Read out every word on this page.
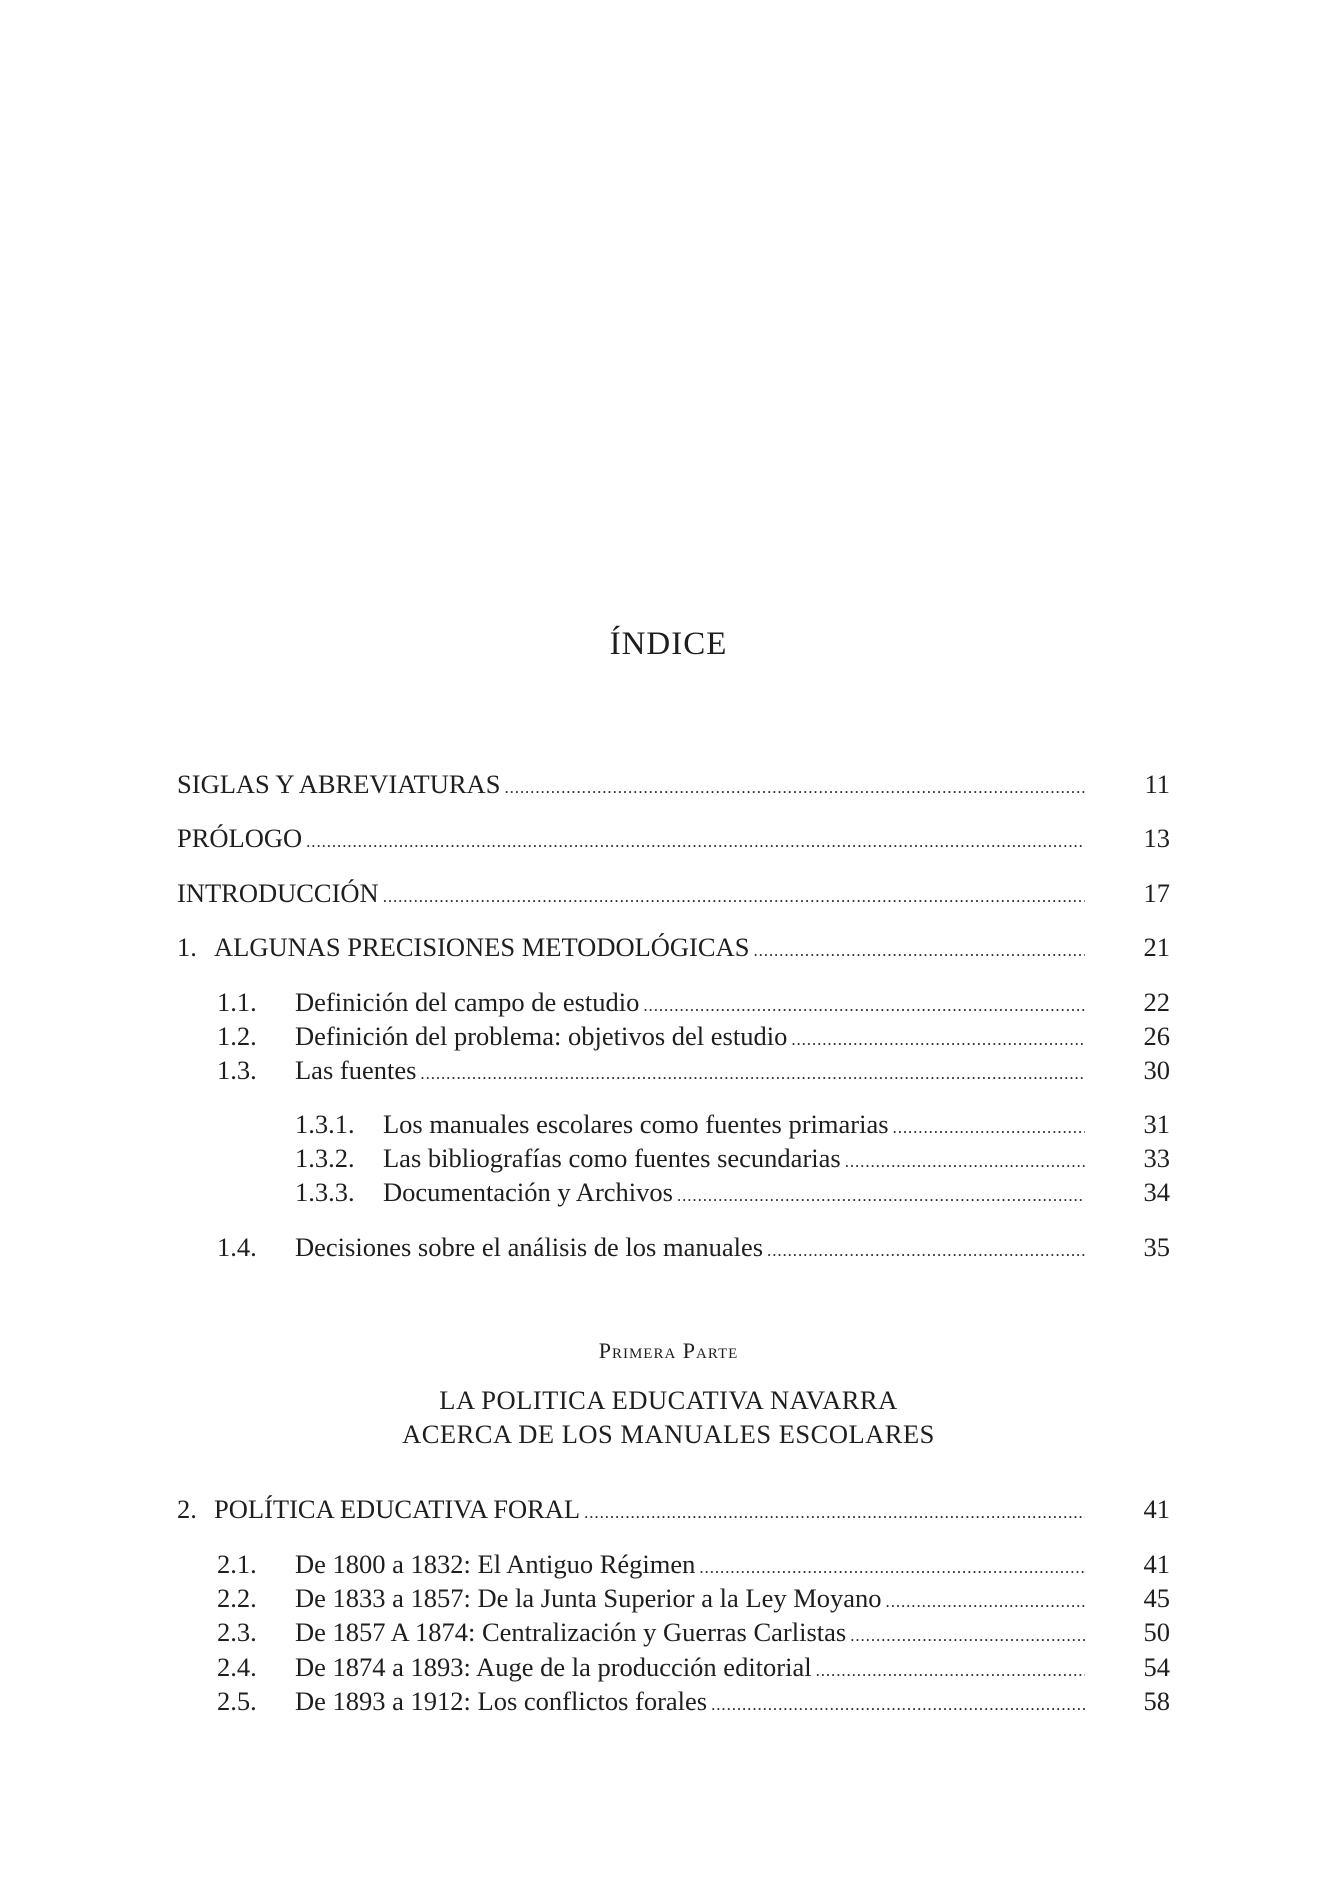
ÍNDICE
SIGLAS Y ABREVIATURAS .....	11
PRÓLOGO .....	13
INTRODUCCIÓN .....	17
1. ALGUNAS PRECISIONES METODOLÓGICAS .....	21
1.1.	Definición del campo de estudio .....	22
1.2.	Definición del problema: objetivos del estudio .....	26
1.3.	Las fuentes .....	30
1.3.1.	Los manuales escolares como fuentes primarias .....	31
1.3.2.	Las bibliografías como fuentes secundarias .....	33
1.3.3.	Documentación y Archivos .....	34
1.4.	Decisiones sobre el análisis de los manuales .....	35
Primera Parte
LA POLITICA EDUCATIVA NAVARRA
ACERCA DE LOS MANUALES ESCOLARES
2. POLÍTICA EDUCATIVA FORAL .....	41
2.1.	De 1800 a 1832: El Antiguo Régimen .....	41
2.2.	De 1833 a 1857: De la Junta Superior a la Ley Moyano .....	45
2.3.	De 1857 A 1874: Centralización y Guerras Carlistas .....	50
2.4.	De 1874 a 1893: Auge de la producción editorial .....	54
2.5.	De 1893 a 1912: Los conflictos forales .....	58
